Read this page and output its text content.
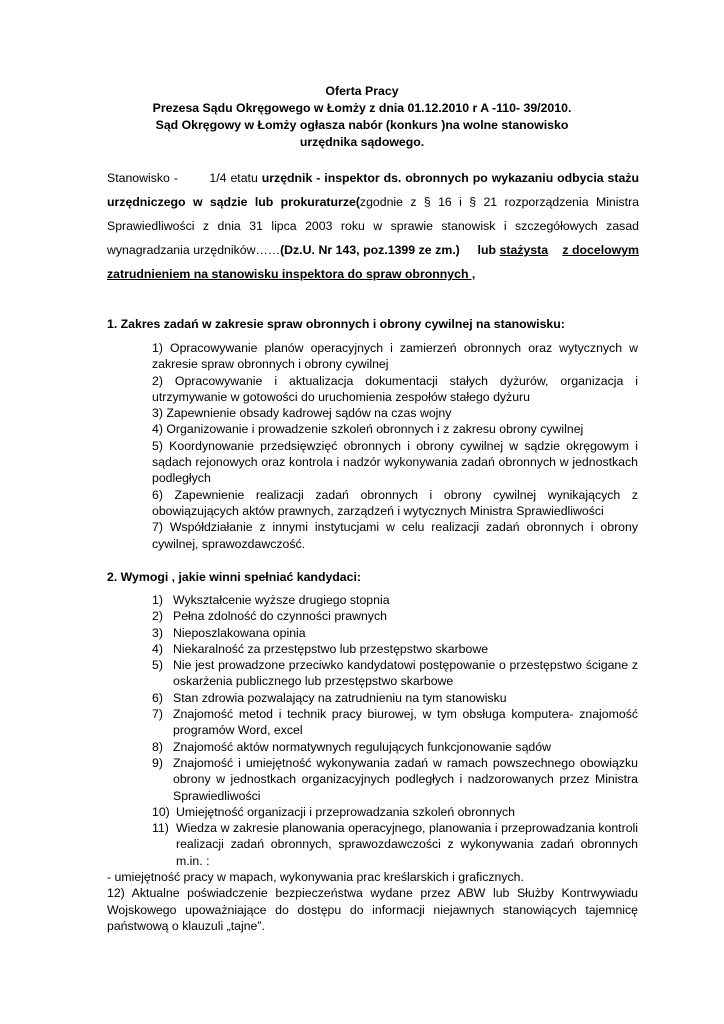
Oferta Pracy
Prezesa Sądu Okręgowego w Łomży z dnia 01.12.2010 r A -110- 39/2010.
Sąd Okręgowy w Łomży ogłasza nabór (konkurs )na wolne stanowisko
urzędnika sądowego.
Stanowisko -	1/4 etatu urzędnik - inspektor ds. obronnych po wykazaniu odbycia stażu urzędniczego w sądzie lub prokuraturze(zgodnie z § 16 i § 21 rozporządzenia Ministra Sprawiedliwości z dnia 31 lipca 2003 roku w sprawie stanowisk i szczegółowych zasad wynagradzania urzędników……(Dz.U. Nr 143, poz.1399 ze zm.) lub stażysta z docelowym zatrudnieniem na stanowisku inspektora do spraw obronnych ,
1. Zakres zadań w zakresie spraw obronnych i obrony cywilnej na stanowisku:

1) Opracowywanie planów operacyjnych i zamierzeń obronnych oraz wytycznych w zakresie spraw obronnych i obrony cywilnej

2) Opracowywanie i aktualizacja dokumentacji stałych dyżurów, organizacja i utrzymywanie w gotowości do uruchomienia zespołów stałego dyżuru

3) Zapewnienie obsady kadrowej sądów na czas wojny

4) Organizowanie i prowadzenie szkoleń obronnych i z zakresu obrony cywilnej

5) Koordynowanie przedsięwzięć obronnych i obrony cywilnej w sądzie okręgowym i sądach rejonowych oraz kontrola i nadzór wykonywania zadań obronnych w jednostkach podległych

6) Zapewnienie realizacji zadań obronnych i obrony cywilnej wynikających z obowiązujących aktów prawnych, zarządzeń i wytycznych Ministra Sprawiedliwości

7) Współdziałanie z innymi instytucjami w celu realizacji zadań obronnych i obrony cywilnej, sprawozdawczość.

2. Wymogi , jakie winni spełniać kandydaci:
1) Wykształcenie wyższe drugiego stopnia
2) Pełna zdolność do czynności prawnych
3) Nieposzlakowana opinia
4) Niekaralność za przestępstwo lub przestępstwo skarbowe
5) Nie jest prowadzone przeciwko kandydatowi postępowanie o przestępstwo ścigane z oskarżenia publicznego lub przestępstwo skarbowe
6) Stan zdrowia pozwalający na zatrudnieniu na tym stanowisku
7) Znajomość metod i technik pracy biurowej, w tym obsługa komputera- znajomość programów Word, excel
8) Znajomość aktów normatywnych regulujących funkcjonowanie sądów
9) Znajomość i umiejętność wykonywania zadań w ramach powszechnego obowiązku obrony w jednostkach organizacyjnych podległych i nadzorowanych przez Ministra Sprawiedliwości
10) Umiejętność organizacji i przeprowadzania szkoleń obronnych
11) Wiedza w zakresie planowania operacyjnego, planowania i przeprowadzania kontroli realizacji zadań obronnych, sprawozdawczości z wykonywania zadań obronnych m.in. :
- umiejętność pracy w mapach, wykonywania prac kreślarskich i graficznych.
12) Aktualne poświadczenie bezpieczeństwa wydane przez ABW lub Służby Kontrwywiadu Wojskowego upoważniające do dostępu do informacji niejawnych stanowiących tajemnicę państwową o klauzuli „tajne”.
